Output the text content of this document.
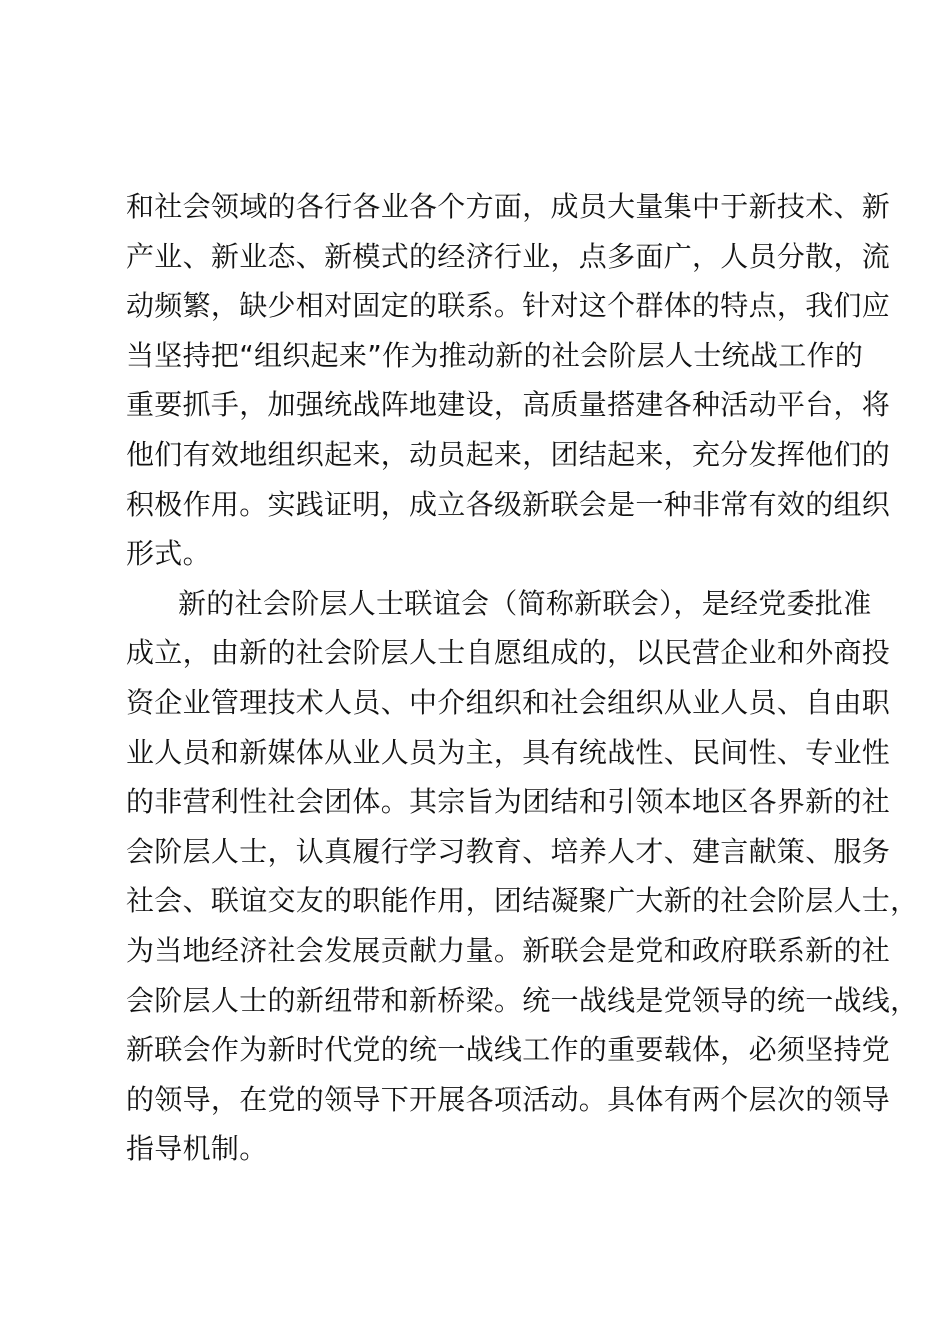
和社会领域的各行各业各个方面，成员大量集中于新技术、新
产业、新业态、新模式的经济行业，点多面广，人员分散，流
动频繁，缺少相对固定的联系。针对这个群体的特点，我们应
当坚持把“组织起来”作为推动新的社会阶层人士统战工作的
重要抓手，加强统战阵地建设，高质量搭建各种活动平台，将
他们有效地组织起来，动员起来，团结起来，充分发挥他们的
积极作用。实践证明，成立各级新联会是一种非常有效的组织
形式。
新的社会阶层人士联谊会（简称新联会），是经党委批准
成立，由新的社会阶层人士自愿组成的，以民营企业和外商投
资企业管理技术人员、中介组织和社会组织从业人员、自由职
业人员和新媒体从业人员为主，具有统战性、民间性、专业性
的非营利性社会团体。其宗旨为团结和引领本地区各界新的社
会阶层人士，认真履行学习教育、培养人才、建言献策、服务
社会、联谊交友的职能作用，团结凝聚广大新的社会阶层人士，
为当地经济社会发展贡献力量。新联会是党和政府联系新的社
会阶层人士的新纽带和新桥梁。统一战线是党领导的统一战线，
新联会作为新时代党的统一战线工作的重要载体，必须坚持党
的领导，在党的领导下开展各项活动。具体有两个层次的领导
指导机制。
